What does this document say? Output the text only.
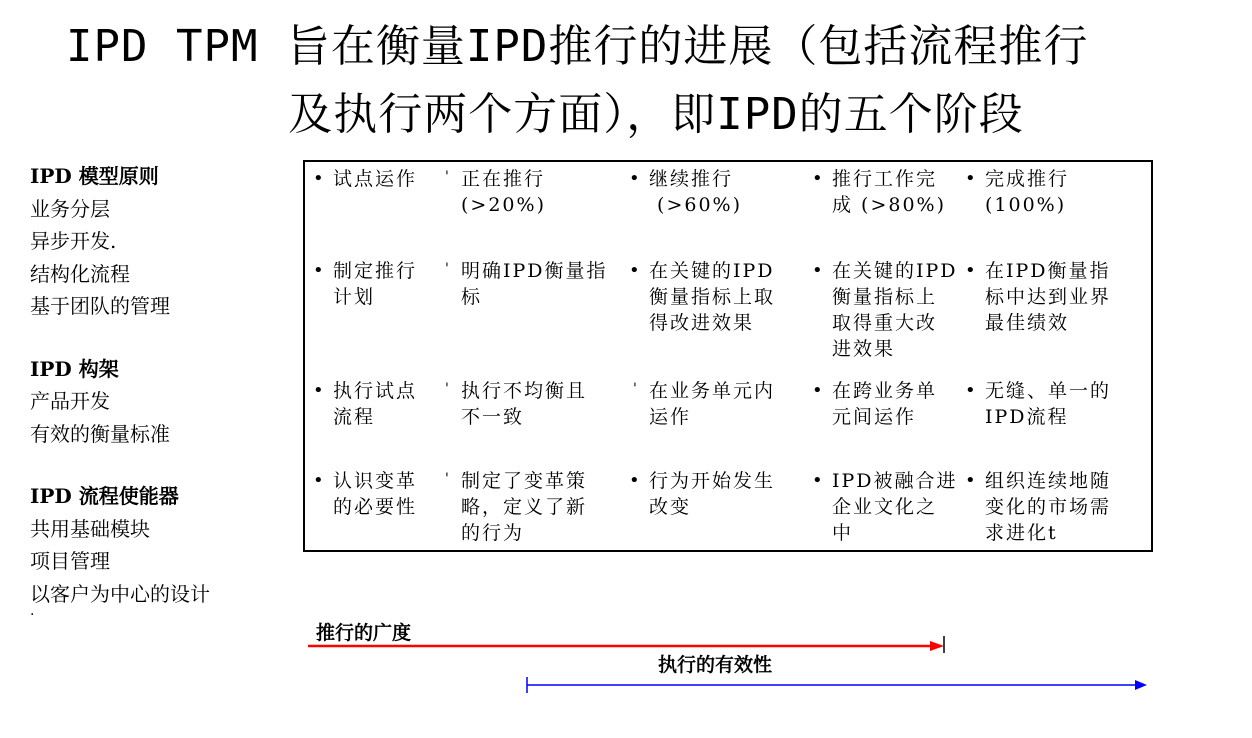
IPD TPM 旨在衡量IPD推行的进展（包括流程推行
及执行两个方面），即IPD的五个阶段
IPD 模型原则
业务分层
异步开发.
结构化流程
基于团队的管理
IPD 构架
产品开发
有效的衡量标准
IPD 流程使能器
共用基础模块
项目管理
以客户为中心的设计
.
• 试点运作	' 正在推行
(>20%)
• 继续推行
(>60%)
• 推行工作完
成 (>80%)
• 完成推行
(100%)
• 制定推行
计划
' 明确IPD衡量指
标
• 在关键的IPD
衡量指标上取
得改进效果
• 在关键的IPD
衡量指标上
取得重大改
进效果
• 在IPD衡量指
标中达到业界
最佳绩效
• 执行试点
流程
' 执行不均衡且
不一致
' 在业务单元内
运作
• 在跨业务单
元间运作
• 无缝、单一的
IPD流程
• 认识变革
的必要性
' 制定了变革策
略，定义了新
的行为
• 行为开始发生
改变
• IPD被融合进
企业文化之
中
• 组织连续地随
变化的市场需
求进化t
推行的广度
执行的有效性
